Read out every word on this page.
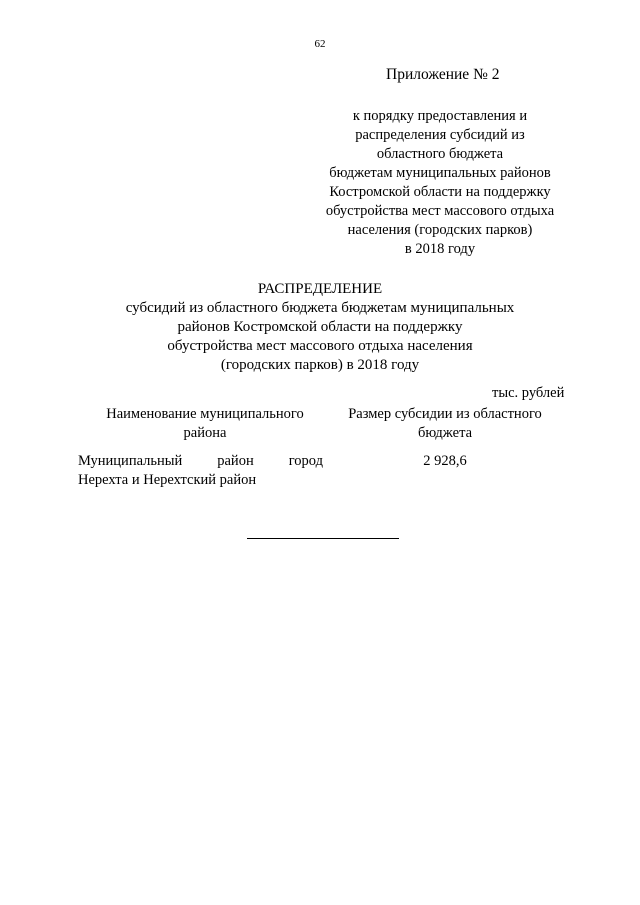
62
Приложение № 2
к порядку предоставления и
распределения субсидий из
областного бюджета
бюджетам муниципальных районов
Костромской области на поддержку
обустройства мест массового отдыха
населения (городских парков)
в 2018 году
РАСПРЕДЕЛЕНИЕ
субсидий из областного бюджета бюджетам муниципальных
районов Костромской области на поддержку
обустройства мест массового отдыха населения
(городских парков) в 2018 году
тыс. рублей
Наименование муниципального
района
Размер субсидии из областного
бюджета
Муниципальный район город
Нерехта и Нерехтский район
2 928,6
